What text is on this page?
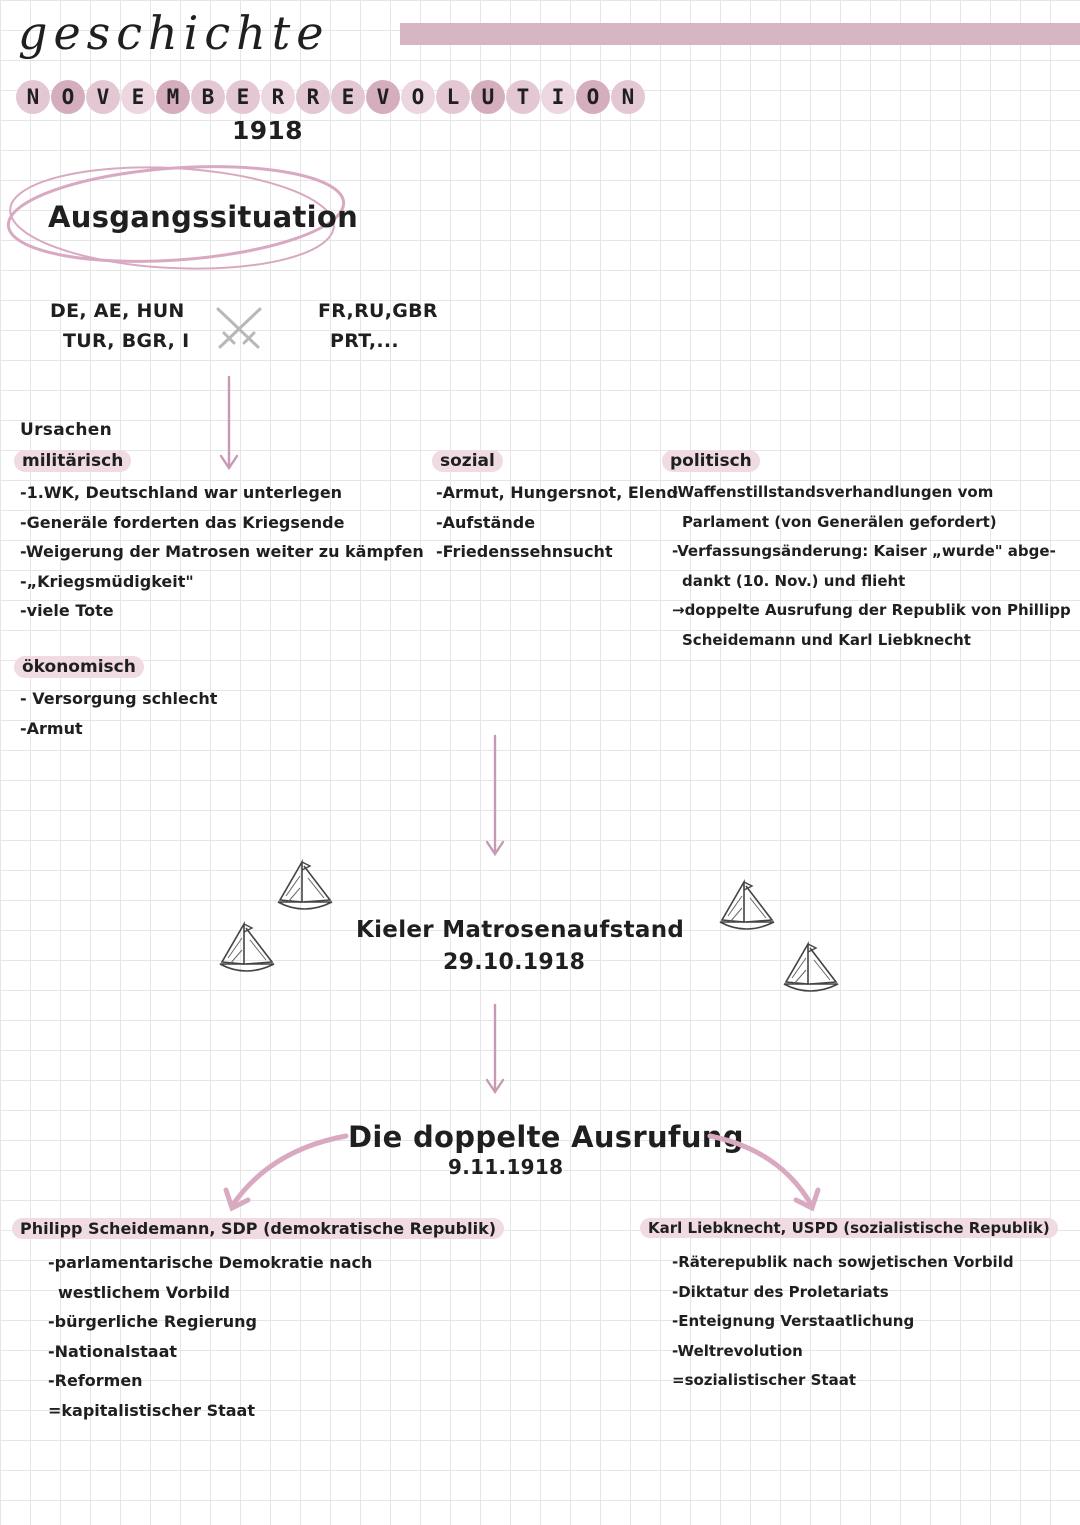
geschichte
N O V E M B E R R E V O L U T I O N
1918
Ausgangssituation
DE, AE, HUN
TUR, BGR, I
FR,RU,GBR
PRT,...
Ursachen
militärisch
-1.WK, Deutschland war unterlegen
-Generäle forderten das Kriegsende
-Weigerung der Matrosen weiter zu kämpfen
-„Kriegsmüdigkeit"
-viele Tote
sozial
-Armut, Hungersnot, Elend
-Aufstände
-Friedenssehnsucht
politisch
-Waffenstillstandsverhandlungen vom
Parlament (von Generälen gefordert)
-Verfassungsänderung: Kaiser „wurde" abge-
dankt (10. Nov.) und flieht
→doppelte Ausrufung der Republik von Phillipp
Scheidemann und Karl Liebknecht
ökonomisch
- Versorgung schlecht
-Armut
Kieler Matrosenaufstand
29.10.1918
Die doppelte Ausrufung
9.11.1918
Philipp Scheidemann, SDP (demokratische Republik)
-parlamentarische Demokratie nach
westlichem Vorbild
-bürgerliche Regierung
-Nationalstaat
-Reformen
=kapitalistischer Staat
Karl Liebknecht, USPD (sozialistische Republik)
-Räterepublik nach sowjetischen Vorbild
-Diktatur des Proletariats
-Enteignung Verstaatlichung
-Weltrevolution
=sozialistischer Staat
